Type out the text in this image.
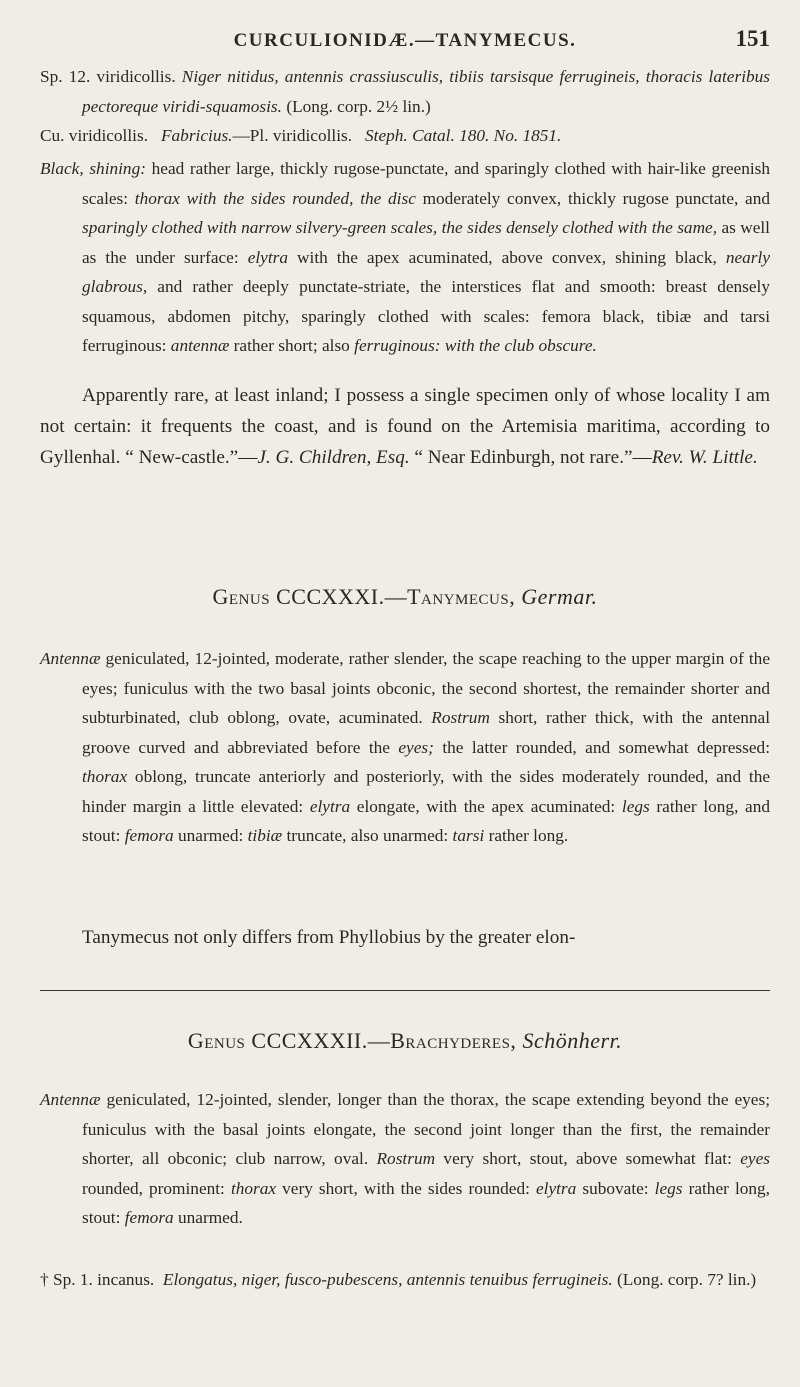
CURCULIONIDÆ.—TANYMECUS.	151

Sp. 12. viridicollis. Niger nitidus, antennis crassiusculis, tibiis tarsisque ferrugineis, thoracis lateribus pectoreque viridi-squamosis. (Long. corp. 2½ lin.)

Cu. viridicollis. Fabricius.—Pl. viridicollis. Steph. Catal. 180. No. 1851.

Black, shining: head rather large, thickly rugose-punctate, and sparingly clothed with hair-like greenish scales: thorax with the sides rounded, the disc moderately convex, thickly rugose punctate, and sparingly clothed with narrow silvery-green scales, the sides densely clothed with the same, as well as the under surface: elytra with the apex acuminated, above convex, shining black, nearly glabrous, and rather deeply punctate-striate, the interstices flat and smooth: breast densely squamous, abdomen pitchy, sparingly clothed with scales: femora black, tibiæ and tarsi ferruginous: antennæ rather short; also ferruginous: with the club obscure.

Apparently rare, at least inland; I possess a single specimen only of whose locality I am not certain: it frequents the coast, and is found on the Artemisia maritima, according to Gyllenhal. “ New-castle.”—J. G. Children, Esq. “ Near Edinburgh, not rare.”—Rev. W. Little.

Genus CCCXXXI.—Tanymecus, Germar.

Antennæ geniculated, 12-jointed, moderate, rather slender, the scape reaching to the upper margin of the eyes; funiculus with the two basal joints obconic, the second shortest, the remainder shorter and subturbinated, club oblong, ovate, acuminated. Rostrum short, rather thick, with the antennal groove curved and abbreviated before the eyes; the latter rounded, and somewhat depressed: thorax oblong, truncate anteriorly and posteriorly, with the sides moderately rounded, and the hinder margin a little elevated: elytra elongate, with the apex acuminated: legs rather long, and stout: femora unarmed: tibiæ truncate, also unarmed: tarsi rather long.

Tanymecus not only differs from Phyllobius by the greater elon-

Genus CCCXXXII.—Brachyderes, Schönherr.

Antennæ geniculated, 12-jointed, slender, longer than the thorax, the scape extending beyond the eyes; funiculus with the basal joints elongate, the second joint longer than the first, the remainder shorter, all obconic; club narrow, oval. Rostrum very short, stout, above somewhat flat: eyes rounded, prominent: thorax very short, with the sides rounded: elytra subovate: legs rather long, stout: femora unarmed.

† Sp. 1. incanus. Elongatus, niger, fusco-pubescens, antennis tenuibus ferrugineis. (Long. corp. 7? lin.)
